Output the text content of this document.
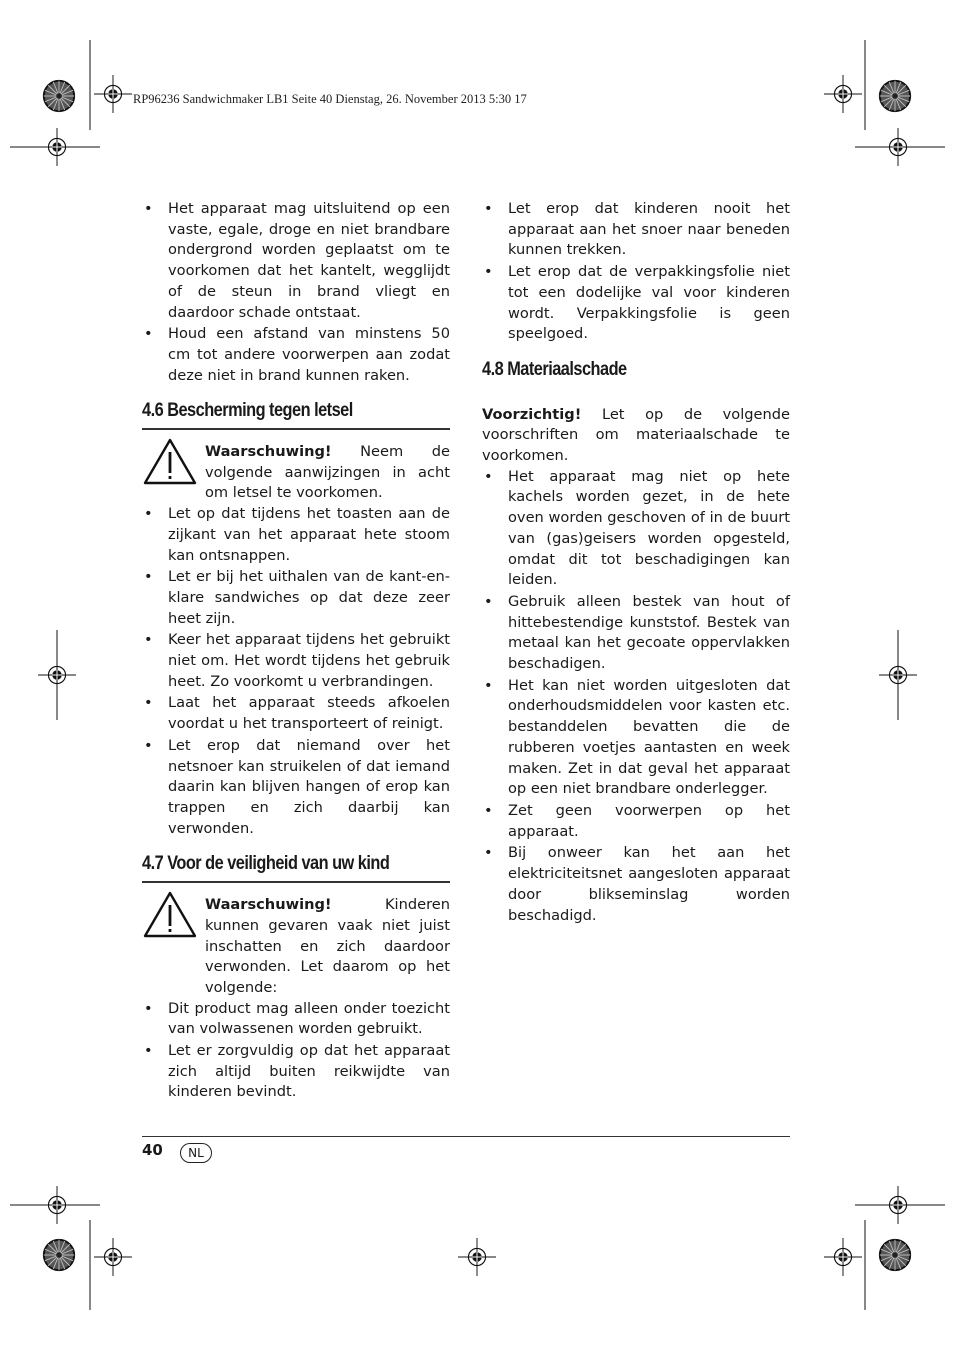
RP96236 Sandwichmaker LB1 Seite 40 Dienstag, 26. November 2013 5:30 17
• Het apparaat mag uitsluitend op een vaste, egale, droge en niet brandbare ondergrond worden geplaatst om te voorkomen dat het kantelt, wegglijdt of de steun in brand vliegt en daardoor schade ontstaat.
• Houd een afstand van minstens 50 cm tot andere voorwerpen aan zodat deze niet in brand kunnen raken.
4.6 Bescherming tegen letsel
Waarschuwing! Neem de volgende aanwijzingen in acht om letsel te voorkomen.
• Let op dat tijdens het toasten aan de zijkant van het apparaat hete stoom kan ontsnappen.
• Let er bij het uithalen van de kant-en-klare sandwiches op dat deze zeer heet zijn.
• Keer het apparaat tijdens het gebruikt niet om. Het wordt tijdens het gebruik heet. Zo voorkomt u verbrandingen.
• Laat het apparaat steeds afkoelen voordat u het transporteert of reinigt.
• Let erop dat niemand over het netsnoer kan struikelen of dat iemand daarin kan blijven hangen of erop kan trappen en zich daarbij kan verwonden.
4.7 Voor de veiligheid van uw kind
Waarschuwing! Kinderen kunnen gevaren vaak niet juist inschatten en zich daardoor verwonden. Let daarom op het volgende:
• Dit product mag alleen onder toezicht van volwassenen worden gebruikt.
• Let er zorgvuldig op dat het apparaat zich altijd buiten reikwijdte van kinderen bevindt.
• Let erop dat kinderen nooit het apparaat aan het snoer naar beneden kunnen trekken.
• Let erop dat de verpakkingsfolie niet tot een dodelijke val voor kinderen wordt. Verpakkingsfolie is geen speelgoed.
4.8 Materiaalschade
Voorzichtig! Let op de volgende voorschriften om materiaalschade te voorkomen.
• Het apparaat mag niet op hete kachels worden gezet, in de hete oven worden geschoven of in de buurt van (gas)geisers worden opgesteld, omdat dit tot beschadigingen kan leiden.
• Gebruik alleen bestek van hout of hittebestendige kunststof. Bestek van metaal kan het gecoate oppervlakken beschadigen.
• Het kan niet worden uitgesloten dat onderhoudsmiddelen voor kasten etc. bestanddelen bevatten die de rubberen voetjes aantasten en week maken. Zet in dat geval het apparaat op een niet brandbare onderlegger.
• Zet geen voorwerpen op het apparaat.
• Bij onweer kan het aan het elektriciteitsnet aangesloten apparaat door blikseminslag worden beschadigd.
40	NL
